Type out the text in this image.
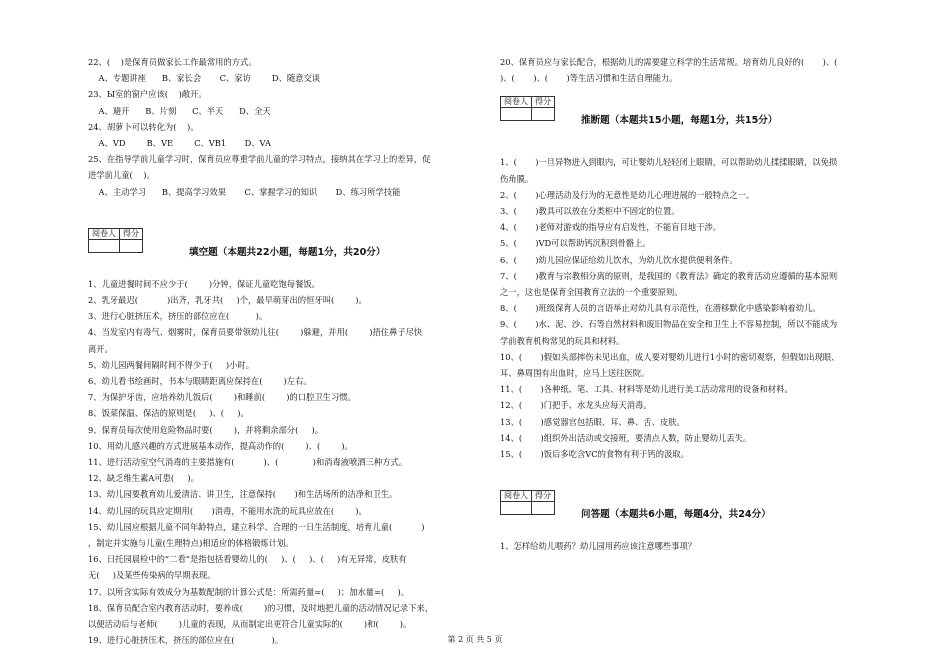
22、(    )是保育员做家长工作最常用的方式。

A、专题讲座      B、家长会       C、家访        D、随意交谈

23、Ы室的窗户应该(    )敞开。

A、避开      B、片刻      C、半天      D、全天

24、胡萝卜可以转化为(    )。

A、VD        B、VE        C、VB1       D、VA

25、在指导学前儿童学习时，保育员应尊重学前儿童的学习特点，接纳其在学习上的差异，促

进学前儿童(    )。

A、主动学习      B、提高学习效果       C、掌握学习的知识       D、练习所学技能

阅卷人	得分

填空题（本题共22小题，每题1分，共20分）

1、儿童进餐时间不应少于(        )分钟，保证儿童吃饱每餐饭。

2、乳牙最迟(           )出齐，乳牙共(     )个，最早萌芽出的恒牙叫(        )。

3、进行心脏挤压术，挤压的部位应在(          )。

4、当发室内有毒气、烟雾时，保育员要带领幼儿往(        )躲避，并用(        )捂住鼻子尽快

离开。

5、幼儿园两餐间隔时间不得少于(     )小时。

6、幼儿看书绘画时，书本与眼睛距离应保持在(        )左右。

7、为保护牙齿，应培养幼儿饭后(        )和睡前(        )的口腔卫生习惯。

8、饭菜保温、保洁的原则是(     )、(     )。

9、保育员每次使用危险物品时要(        )，并将剩余部分(     )。

10、用幼儿感兴趣的方式进展基本动作，提高动作的(        )、(        )。

11、进行活动室空气消毒的主要措施有(           )、(             )和消毒液喷洒三种方式。

12、缺乏维生素A可患(     )。

13、幼儿园要教育幼儿爱清洁、讲卫生，注意保持(       )和生活场所的洁净和卫生。

14、幼儿园的玩具应定期用(       )消毒，不能用水洗的玩具应放在(        )。

15、幼儿园应根据儿童不同年龄特点，建立科学、合理的一日生活制度，培育儿童(           )

，制定并实施与儿童(生理特点)相适应的体格锻炼计划。

16、日托园晨检中的“二看”是指包括看婴幼儿的(     )、(     )、(     )有无异常，皮肤有

无(     )及某些传染病的早期表现。

17、以所含实际有效成分为基数配制的计算公式是：所需药量=(     )；加水量=(     )。

18、保育员配合室内教育活动时，要养成(        )的习惯，及时地把儿童的活动情况记录下来，

以便活动后与老师(        )儿童的表现，从而制定出更符合儿童实际的(        )和(        )。

19、进行心脏挤压术，挤压的部位应在(              )。

20、保育员应与家长配合，根据幼儿的需要建立科学的生活常规。培育幼儿良好的(       )、(

)、(       )、(       )等生活习惯和生活自理能力。

阅卷人	得分

推断题（本题共15小题，每题1分，共15分）

1、(       )一旦异物进入到眼内，可让婴幼儿轻轻闭上眼睛，可以帮助幼儿揉揉眼睛，以免损

伤角膜。

2、(       )心理活动及行为的无意性是幼儿心理进展的一般特点之一。

3、(       )教具可以放在分类柜中不固定的位置。

4、(       )老师对游戏的指导应有启发性，不能盲目地干涉。

5、(       )VD可以帮助钙沉积到骨骼上。

6、(       )幼儿园应保证给幼儿饮水，为幼儿饮水提供便利条件。

7、(       )教育与宗教相分离的原则，是我国的《教育法》确定的教育活动应遵循的基本原则

之一，这也是保育全国教育立法的一个重要原则。

8、(       )班级保育人员的言语举止对幼儿具有示范性，在潜移默化中感染影响着幼儿。

9、(       )水、泥、沙、石等自然材料和废旧物品在安全和卫生上不容易控制，所以不能成为

学前教育机构常见的玩具和材料。

10、(       )假如头部摔伤未见出血，成人要对婴幼儿进行1小时的密切观察，但假如出现眼、

耳、鼻周围有出血时，应马上送往医院。

11、(       )各种纸、笔、工具、材料等是幼儿进行美工活动常用的设备和材料。

12、(       )门把手、水龙头应每天消毒。

13、(       )感觉器官包括眼、耳、鼻、舌、皮肤。

14、(       )组织外出活动或交接班，要清点人数，防止婴幼儿丢失。

15、(       )饭后多吃含VC的食物有利于钙的汲取。

阅卷人	得分

问答题（本题共6小题，每题4分，共24分）

1、怎样给幼儿喂药？幼儿园用药应该注意哪些事项？

第 2 页 共 5 页
